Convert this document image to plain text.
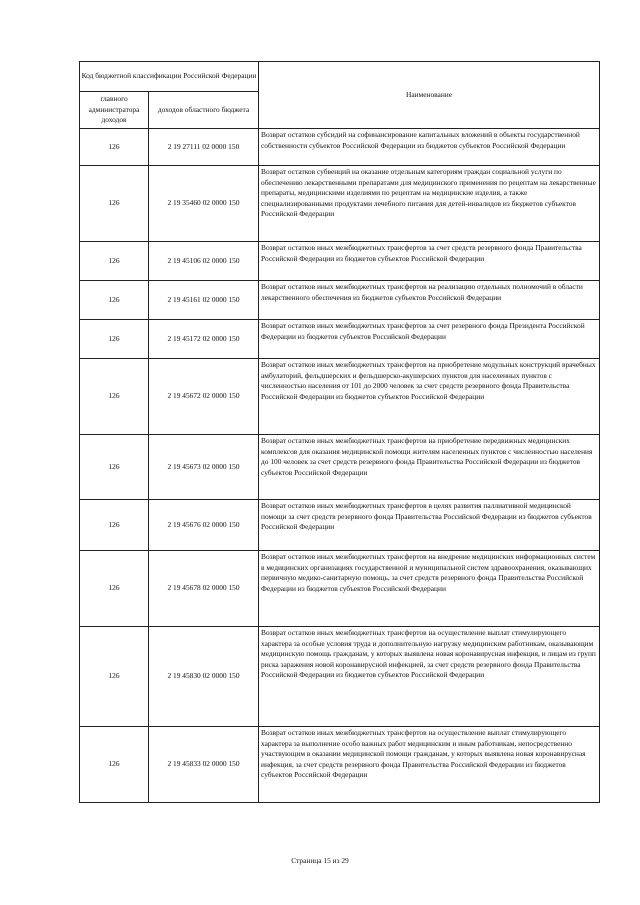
Код бюджетной классификации Российской Федерации		Наименование
главного администратора доходов	доходов областного бюджета	
126	2 19 27111 02 0000 150	Возврат остатков субсидий на софинансирование капитальных вложений в объекты государственной собственности субъектов Российской Федерации из бюджетов субъектов Российской Федерации
126	2 19 35460 02 0000 150	Возврат остатков субвенций на оказание отдельным категориям граждан социальной услуги по обеспечению лекарственными препаратами для медицинского применения по рецептам на лекарственные препараты, медицинскими изделиями по рецептам на медицинские изделия, а также специализированными продуктами лечебного питания для детей-инвалидов из бюджетов субъектов Российской Федерации
126	2 19 45106 02 0000 150	Возврат остатков иных межбюджетных трансфертов за счет средств резервного фонда Правительства Российской Федерации из бюджетов субъектов Российской Федерации
126	2 19 45161 02 0000 150	Возврат остатков иных межбюджетных трансфертов на реализацию отдельных полномочий в области лекарственного обеспечения из бюджетов субъектов Российской Федерации
126	2 19 45172 02 0000 150	Возврат остатков иных межбюджетных трансфертов за счет резервного фонда Президента Российской Федерации из бюджетов субъектов Российской Федерации
126	2 19 45672 02 0000 150	Возврат остатков иных межбюджетных трансфертов на приобретение модульных конструкций врачебных амбулаторий, фельдшерских и фельдшерско-акушерских пунктов для населенных пунктов с численностью населения от 101 до 2000 человек за счет средств резервного фонда Правительства Российской Федерации из бюджетов субъектов Российской Федерации
126	2 19 45673 02 0000 150	Возврат остатков иных межбюджетных трансфертов на приобретение передвижных медицинских комплексов для оказания медицинской помощи жителям населенных пунктов с численностью населения до 100 человек за счет средств резервного фонда Правительства Российской Федерации из бюджетов субъектов Российской Федерации
126	2 19 45676 02 0000 150	Возврат остатков иных межбюджетных трансфертов в целях развития паллиативной медицинской помощи за счет средств резервного фонда Правительства Российской Федерации из бюджетов субъектов Российской Федерации
126	2 19 45678 02 0000 150	Возврат остатков иных межбюджетных трансфертов на внедрение медицинских информационных систем в медицинских организациях государственной и муниципальной систем здравоохранения, оказывающих первичную медико-санитарную помощь, за счет средств резервного фонда Правительства Российской Федерации из бюджетов субъектов Российской Федерации
126	2 19 45830 02 0000 150	Возврат остатков иных межбюджетных трансфертов на осуществление выплат стимулирующего характера за особые условия труда и дополнительную нагрузку медицинским работникам, оказывающим медицинскую помощь гражданам, у которых выявлена новая коронавирусная инфекция, и лицам из групп риска заражения новой коронавирусной инфекцией, за счет средств резервного фонда Правительства Российской Федерации из бюджетов субъектов Российской Федерации
126	2 19 45833 02 0000 150	Возврат остатков иных межбюджетных трансфертов на осуществление выплат стимулирующего характера за выполнение особо важных работ медицинским и иным работникам, непосредственно участвующим в оказании медицинской помощи гражданам, у которых выявлена новая коронавирусная инфекция, за счет средств резервного фонда Правительства Российской Федерации из бюджетов субъектов Российской Федерации
Страница 15 из 29
